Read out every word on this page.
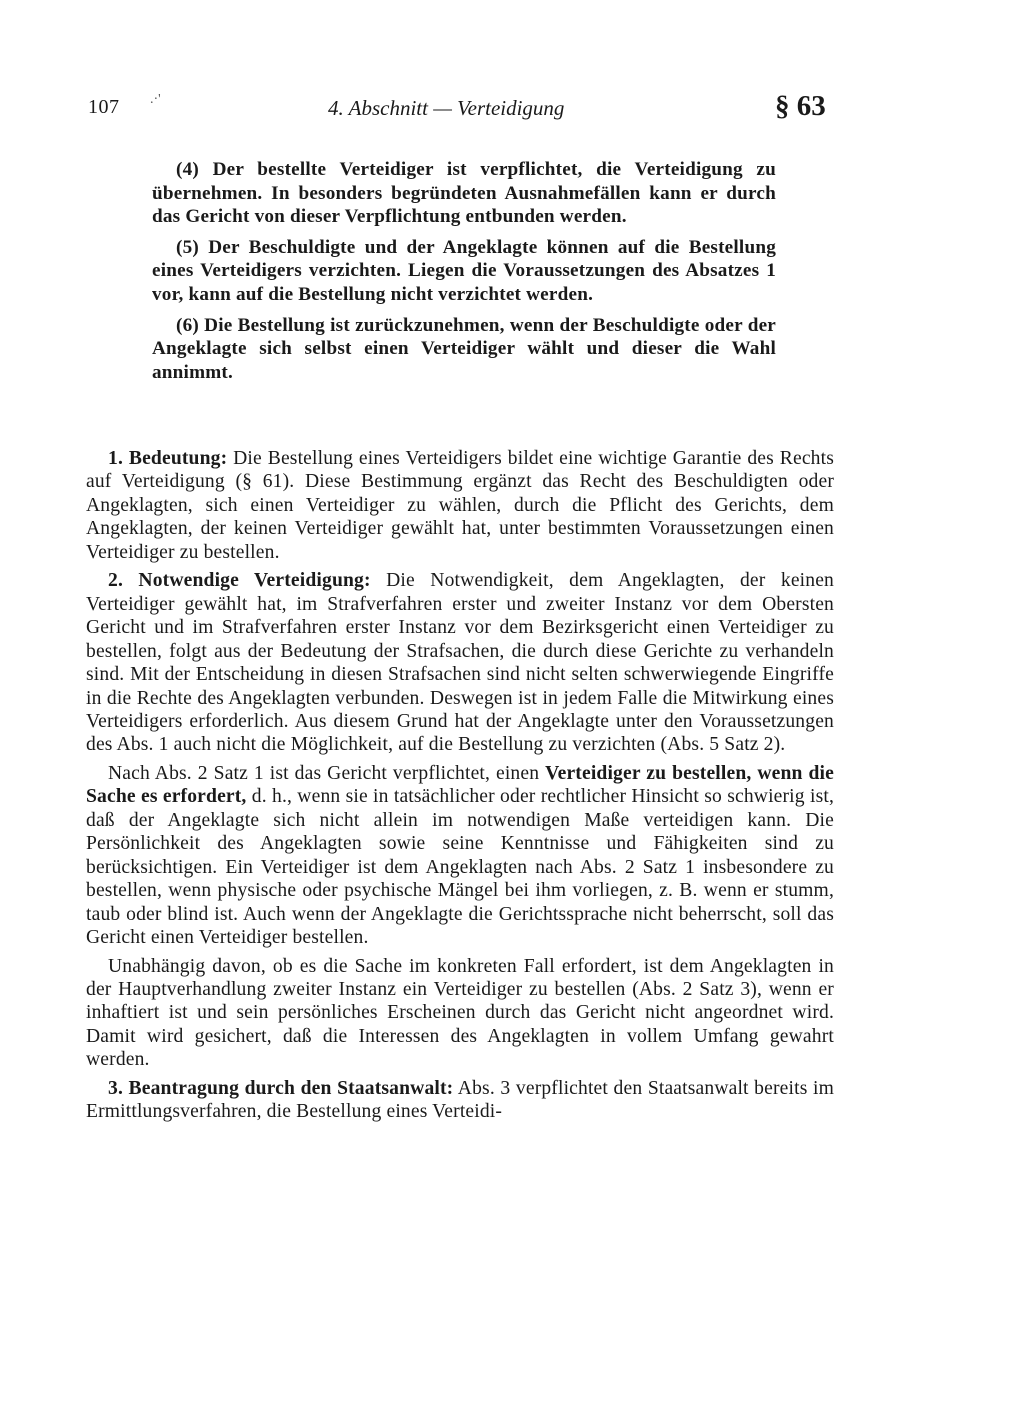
107 .·'	4. Abschnitt — Verteidigung	§ 63

(4) Der bestellte Verteidiger ist verpflichtet, die Verteidigung zu übernehmen. In besonders begründeten Ausnahmefällen kann er durch das Gericht von dieser Verpflichtung entbunden werden.

(5) Der Beschuldigte und der Angeklagte können auf die Bestellung eines Verteidigers verzichten. Liegen die Voraussetzungen des Absatzes 1 vor, kann auf die Bestellung nicht verzichtet werden.

(6) Die Bestellung ist zurückzunehmen, wenn der Beschuldigte oder der Angeklagte sich selbst einen Verteidiger wählt und dieser die Wahl annimmt.

1. Bedeutung: Die Bestellung eines Verteidigers bildet eine wichtige Garantie des Rechts auf Verteidigung (§ 61). Diese Bestimmung ergänzt das Recht des Beschuldigten oder Angeklagten, sich einen Verteidiger zu wählen, durch die Pflicht des Gerichts, dem Angeklagten, der keinen Verteidiger gewählt hat, unter bestimmten Voraussetzungen einen Verteidiger zu bestellen.

2. Notwendige Verteidigung: Die Notwendigkeit, dem Angeklagten, der keinen Verteidiger gewählt hat, im Strafverfahren erster und zweiter Instanz vor dem Obersten Gericht und im Strafverfahren erster Instanz vor dem Bezirksgericht einen Verteidiger zu bestellen, folgt aus der Bedeutung der Strafsachen, die durch diese Gerichte zu verhandeln sind. Mit der Entscheidung in diesen Strafsachen sind nicht selten schwerwiegende Eingriffe in die Rechte des Angeklagten verbunden. Deswegen ist in jedem Falle die Mitwirkung eines Verteidigers erforderlich. Aus diesem Grund hat der Angeklagte unter den Voraussetzungen des Abs. 1 auch nicht die Möglichkeit, auf die Bestellung zu verzichten (Abs. 5 Satz 2).

Nach Abs. 2 Satz 1 ist das Gericht verpflichtet, einen Verteidiger zu bestellen, wenn die Sache es erfordert, d. h., wenn sie in tatsächlicher oder rechtlicher Hinsicht so schwierig ist, daß der Angeklagte sich nicht allein im notwendigen Maße verteidigen kann. Die Persönlichkeit des Angeklagten sowie seine Kenntnisse und Fähigkeiten sind zu berücksichtigen. Ein Verteidiger ist dem Angeklagten nach Abs. 2 Satz 1 insbesondere zu bestellen, wenn physische oder psychische Mängel bei ihm vorliegen, z. B. wenn er stumm, taub oder blind ist. Auch wenn der Angeklagte die Gerichtssprache nicht beherrscht, soll das Gericht einen Verteidiger bestellen.

Unabhängig davon, ob es die Sache im konkreten Fall erfordert, ist dem Angeklagten in der Hauptverhandlung zweiter Instanz ein Verteidiger zu bestellen (Abs. 2 Satz 3), wenn er inhaftiert ist und sein persönliches Erscheinen durch das Gericht nicht angeordnet wird. Damit wird gesichert, daß die Interessen des Angeklagten in vollem Umfang gewahrt werden.

3. Beantragung durch den Staatsanwalt: Abs. 3 verpflichtet den Staatsanwalt bereits im Ermittlungsverfahren, die Bestellung eines Verteidi-
